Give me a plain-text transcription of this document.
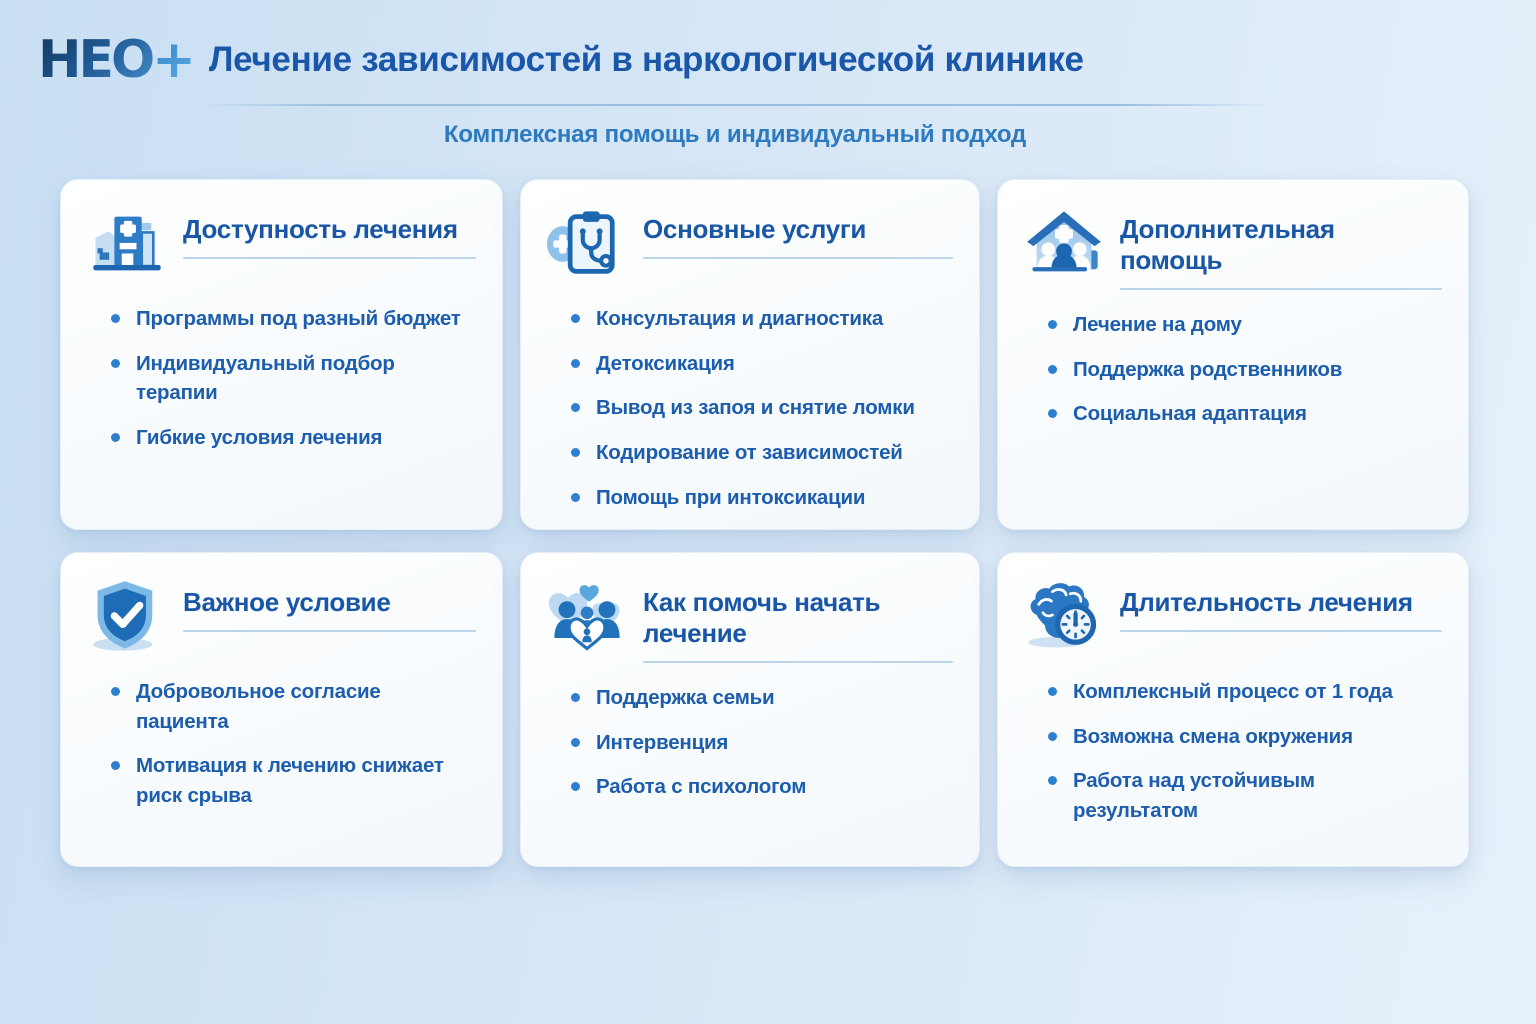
НЕО+ Лечение зависимостей в наркологической клинике
Комплексная помощь и индивидуальный подход
Доступность лечения
Программы под разный бюджет
Индивидуальный подбор терапии
Гибкие условия лечения
Основные услуги
Консультация и диагностика
Детоксикация
Вывод из запоя и снятие ломки
Кодирование от зависимостей
Помощь при интоксикации
Дополнительная помощь
Лечение на дому
Поддержка родственников
Социальная адаптация
Важное условие
Добровольное согласие пациента
Мотивация к лечению снижает риск срыва
Как помочь начать лечение
Поддержка семьи
Интервенция
Работа с психологом
Длительность лечения
Комплексный процесс от 1 года
Возможна смена окружения
Работа над устойчивым результатом
